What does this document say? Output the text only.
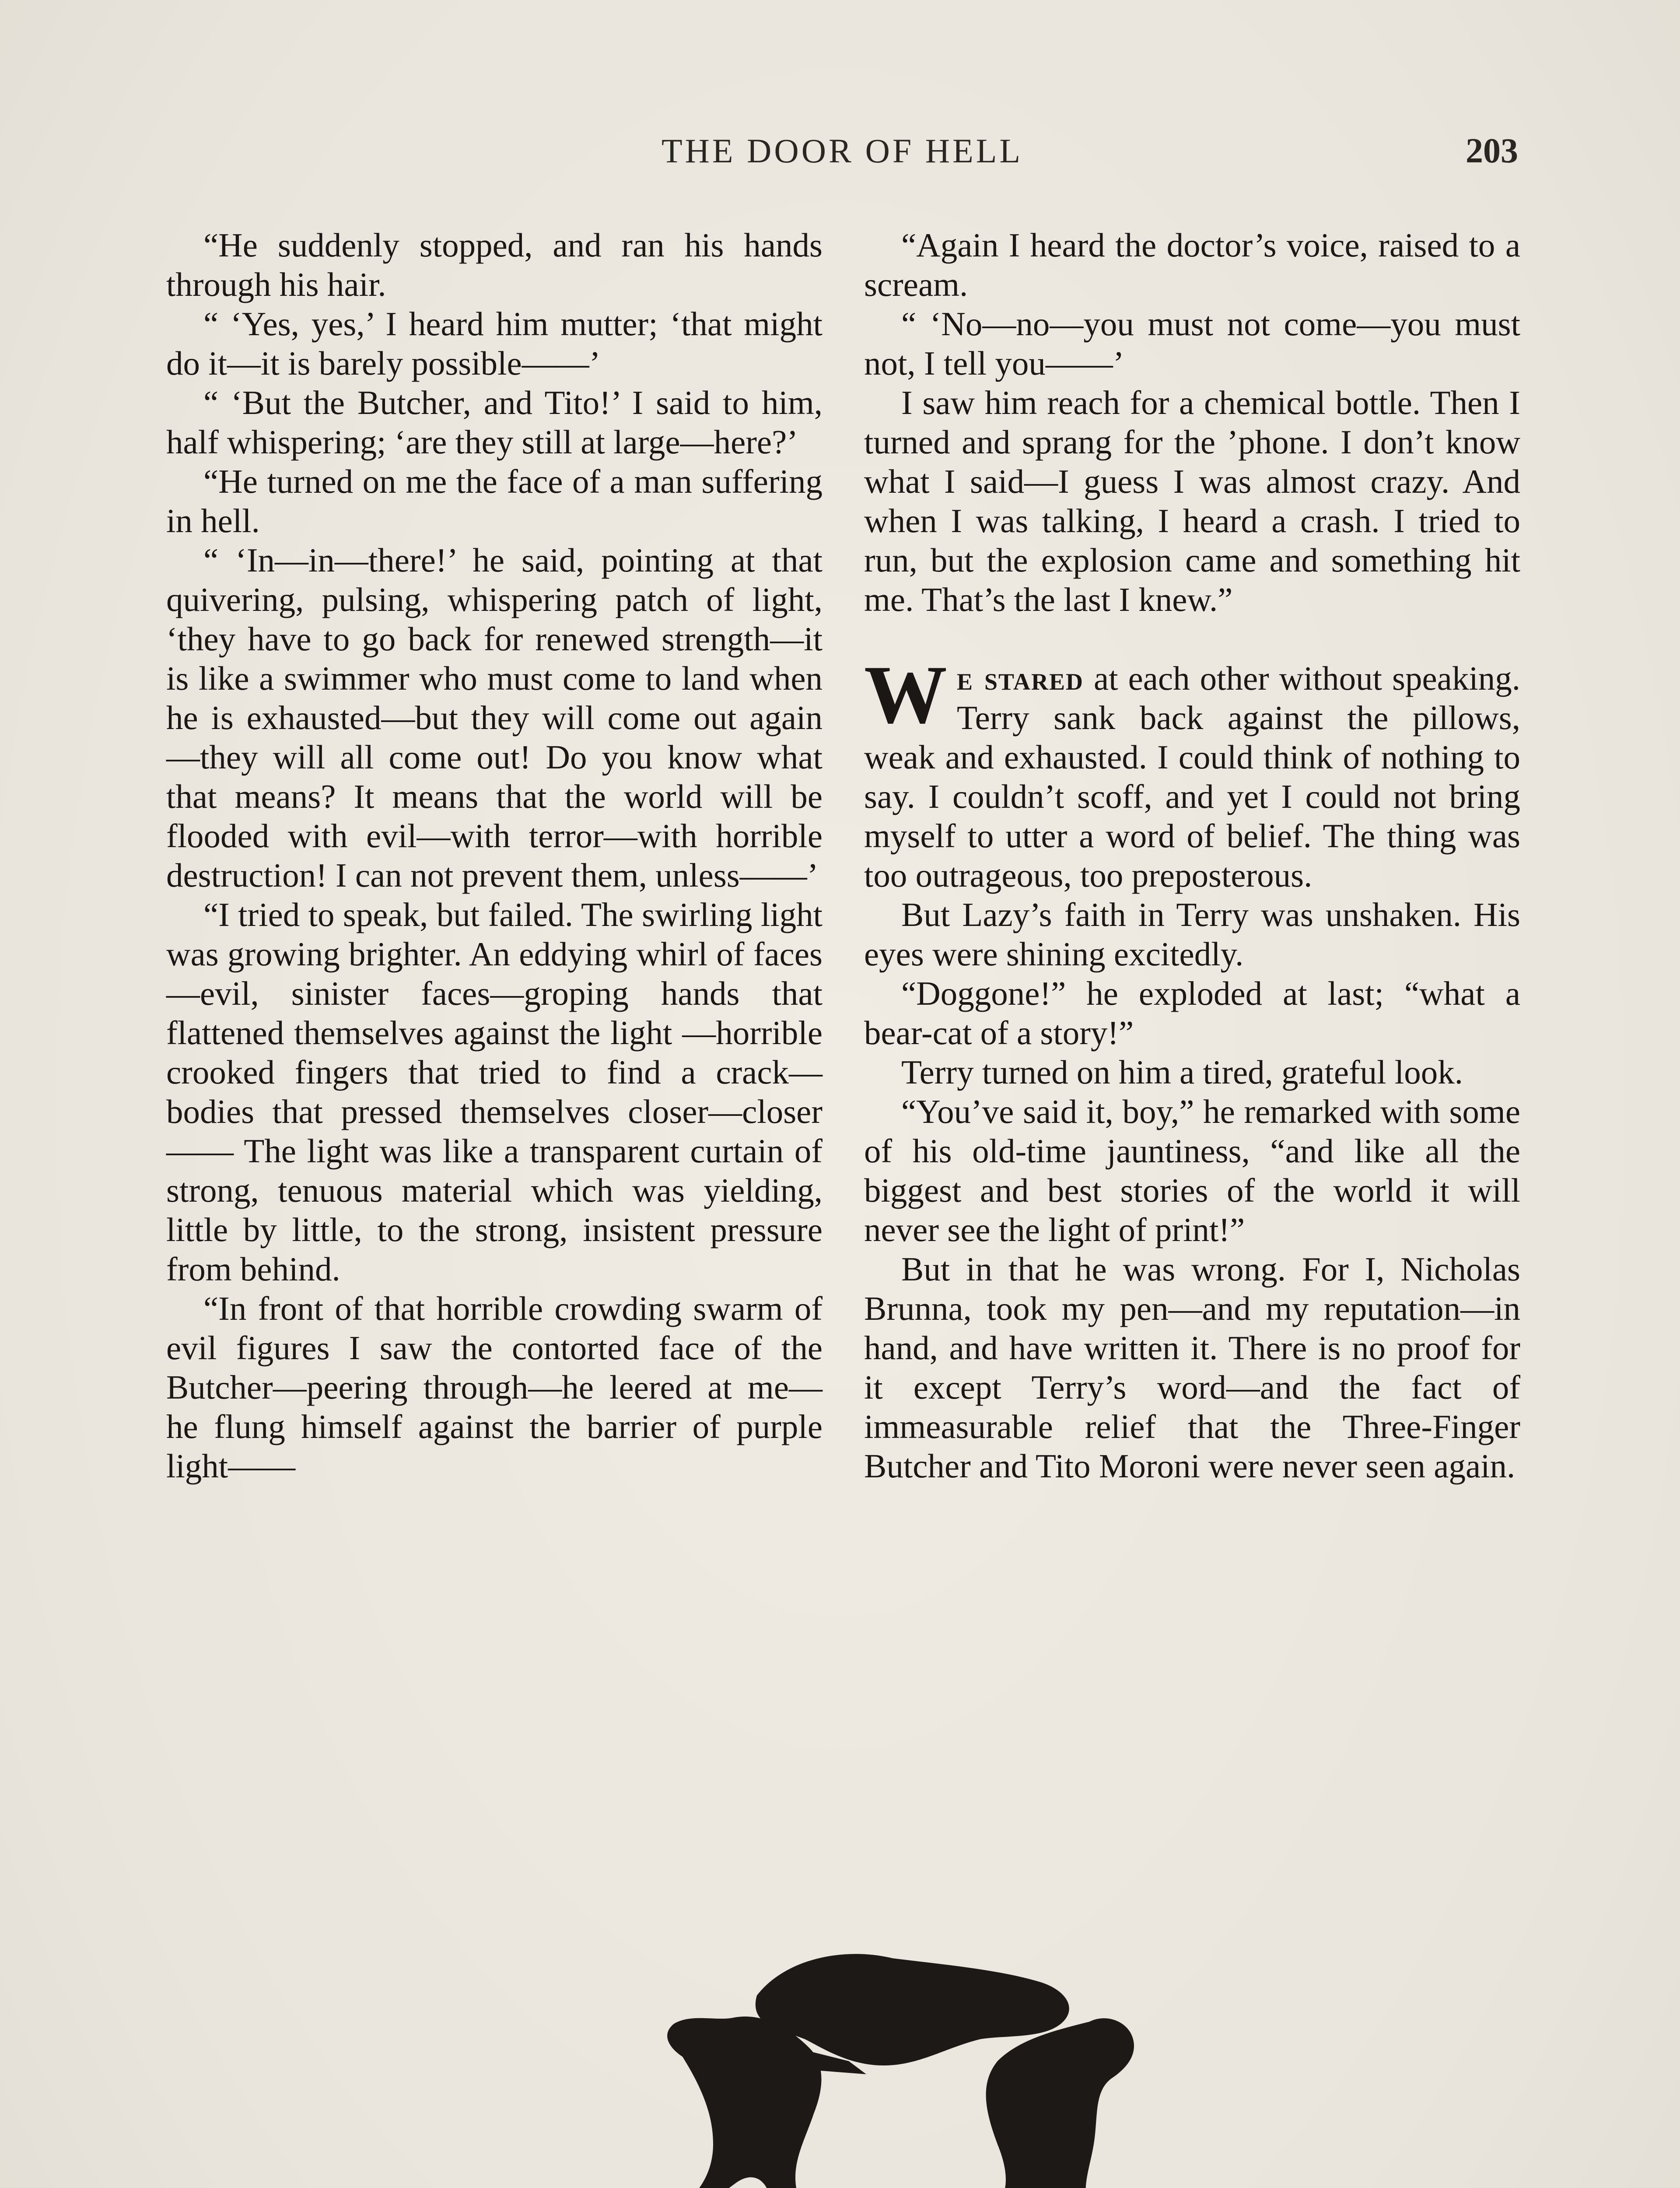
THE DOOR OF HELL	203

“He suddenly stopped, and ran his hands through his hair.

“ ‘Yes, yes,’ I heard him mutter; ‘that might do it—it is barely possible——’

“ ‘But the Butcher, and Tito!’ I said to him, half whispering; ‘are they still at large—here?’

“He turned on me the face of a man suffering in hell.

“ ‘In—in—there!’ he said, pointing at that quivering, pulsing, whispering patch of light, ‘they have to go back for renewed strength—it is like a swimmer who must come to land when he is exhausted—but they will come out again—they will all come out! Do you know what that means? It means that the world will be flooded with evil—with terror—with horrible destruction! I can not prevent them, unless——’

“I tried to speak, but failed. The swirling light was growing brighter. An eddying whirl of faces—evil, sinister faces—groping hands that flattened themselves against the light —horrible crooked fingers that tried to find a crack—bodies that pressed themselves closer—closer—— The light was like a transparent curtain of strong, tenuous material which was yielding, little by little, to the strong, insistent pressure from behind.

“In front of that horrible crowding swarm of evil figures I saw the contorted face of the Butcher—peering through—he leered at me—he flung himself against the barrier of purple light——

“Again I heard the doctor’s voice, raised to a scream.

“ ‘No—no—you must not come—you must not, I tell you——’

I saw him reach for a chemical bottle. Then I turned and sprang for the ’phone. I don’t know what I said—I guess I was almost crazy. And when I was talking, I heard a crash. I tried to run, but the explosion came and something hit me. That’s the last I knew.”

We stared at each other without speaking. Terry sank back against the pillows, weak and exhausted. I could think of nothing to say. I couldn’t scoff, and yet I could not bring myself to utter a word of belief. The thing was too outrageous, too preposterous.

But Lazy’s faith in Terry was unshaken. His eyes were shining excitedly.

“Doggone!” he exploded at last; “what a bear-cat of a story!”

Terry turned on him a tired, grateful look.

“You’ve said it, boy,” he remarked with some of his old-time jauntiness, “and like all the biggest and best stories of the world it will never see the light of print!”

But in that he was wrong. For I, Nicholas Brunna, took my pen—and my reputation—in hand, and have written it. There is no proof for it except Terry’s word—and the fact of immeasurable relief that the Three-Finger Butcher and Tito Moroni were never seen again.
